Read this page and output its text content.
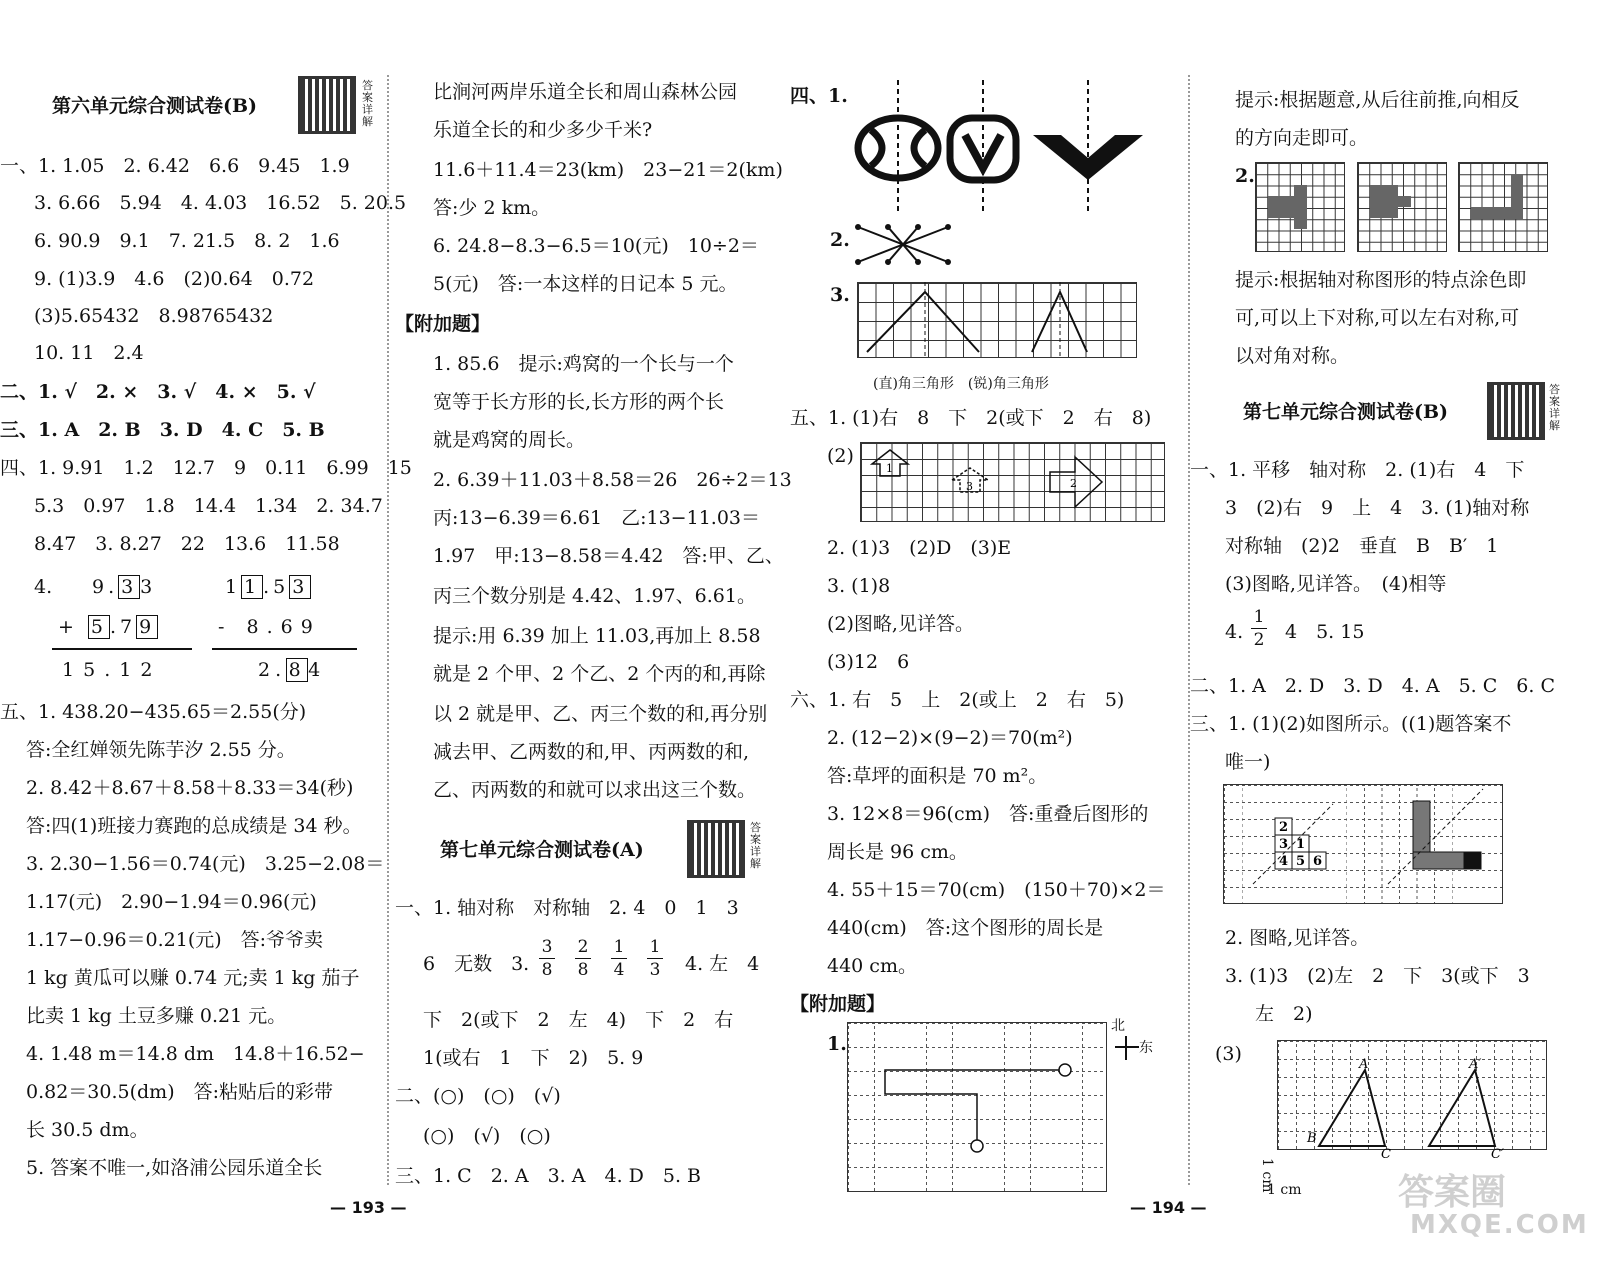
第六单元综合测试卷(B)
答案详解
一、1. 1.05　2. 6.42　6.6　9.45　1.9
3. 6.66　5.94　4. 4.03　16.52　5. 20.5
6. 90.9　9.1　7. 21.5　8. 2　1.6
9. (1)3.9　4.6　(2)0.64　0.72
(3)5.65432　8.98765432
10. 11　2.4
二、1. √　2. ×　3. √　4. ×　5. √
三、1. A　2. B　3. D　4. C　5. B
四、1. 9.91　1.2　12.7　9　0.11　6.99　15
5.3　0.97　1.8　14.4　1.34　2. 34.7
8.47　3. 8.27　22　13.6　11.58
4. 9. 3 3
+ 5 .7 9
15.12
1 1 .5 3
- 8.69
2. 8 4
五、1. 438.20−435.65＝2.55(分)
答:全红婵领先陈芋汐 2.55 分。
2. 8.42＋8.67＋8.58＋8.33＝34(秒)
答:四(1)班接力赛跑的总成绩是 34 秒。
3. 2.30−1.56＝0.74(元)　3.25−2.08＝
1.17(元)　2.90−1.94＝0.96(元)
1.17−0.96＝0.21(元)　答:爷爷卖
1 kg 黄瓜可以赚 0.74 元;卖 1 kg 茄子
比卖 1 kg 土豆多赚 0.21 元。
4. 1.48 m＝14.8 dm　14.8＋16.52−
0.82＝30.5(dm)　答:粘贴后的彩带
长 30.5 dm。
5. 答案不唯一,如洛浦公园乐道全长
比涧河两岸乐道全长和周山森林公园
乐道全长的和少多少千米?
11.6＋11.4＝23(km)　23−21＝2(km)
答:少 2 km。
6. 24.8−8.3−6.5＝10(元)　10÷2＝
5(元)　答:一本这样的日记本 5 元。
【附加题】
1. 85.6　提示:鸡窝的一个长与一个
宽等于长方形的长,长方形的两个长
就是鸡窝的周长。
2. 6.39＋11.03＋8.58＝26　26÷2＝13
丙:13−6.39＝6.61　乙:13−11.03＝
1.97　甲:13−8.58＝4.42　答:甲、乙、
丙三个数分别是 4.42、1.97、6.61。
提示:用 6.39 加上 11.03,再加上 8.58
就是 2 个甲、2 个乙、2 个丙的和,再除
以 2 就是甲、乙、丙三个数的和,再分别
减去甲、乙两数的和,甲、丙两数的和,
乙、丙两数的和就可以求出这三个数。
第七单元综合测试卷(A)
答案详解
一、1. 轴对称　对称轴　2. 4　0　1　3
6　无数　3.
3
8
2
8
1
4
1
3 4. 左　4
下　2(或下　2　左　4)　下　2　右
1(或右　1　下　2)　5. 9
二、(○)　(○)　(√)
(○)　(√)　(○)
三、1. C　2. A　3. A　4. D　5. B
— 193 —
四、1.
2.
3.
(直)角三角形　(锐)角三角形
五、1. (1)右　8　下　2(或下　2　右　8)
(2)
1
3	2
2. (1)3　(2)D　(3)E
3. (1)8
(2)图略,见详答。
(3)12　6
六、1. 右　5　上　2(或上　2　右　5)
2. (12−2)×(9−2)＝70(m²)
答:草坪的面积是 70 m²。
3. 12×8＝96(cm)　答:重叠后图形的
周长是 96 cm。
4. 55＋15＝70(cm)　(150＋70)×2＝
440(cm)　答:这个图形的周长是
440 cm。
【附加题】
1.
北
东
— 194 —
提示:根据题意,从后往前推,向相反
的方向走即可。
2.
提示:根据轴对称图形的特点涂色即
可,可以上下对称,可以左右对称,可
以对角对称。
第七单元综合测试卷(B)
答案详解
一、1. 平移　轴对称　2. (1)右　4　下
3　(2)右　9　上　4　3. (1)轴对称
对称轴　(2)2　垂直　B　B′　1
(3)图略,见详答。　(4)相等
4.
1
2 4　5. 15
二、1. A　2. D　3. D　4. A　5. C　6. C
三、1. (1)(2)如图所示。((1)题答案不
唯一)
2
3 1
4 5 6
2. 图略,见详答。
3. (1)3　(2)左　2　下　3(或下　3
左　2)
(3)	A
B
C
A′
C′
1 cm
1 cm	答案圈
MXQE.COM
